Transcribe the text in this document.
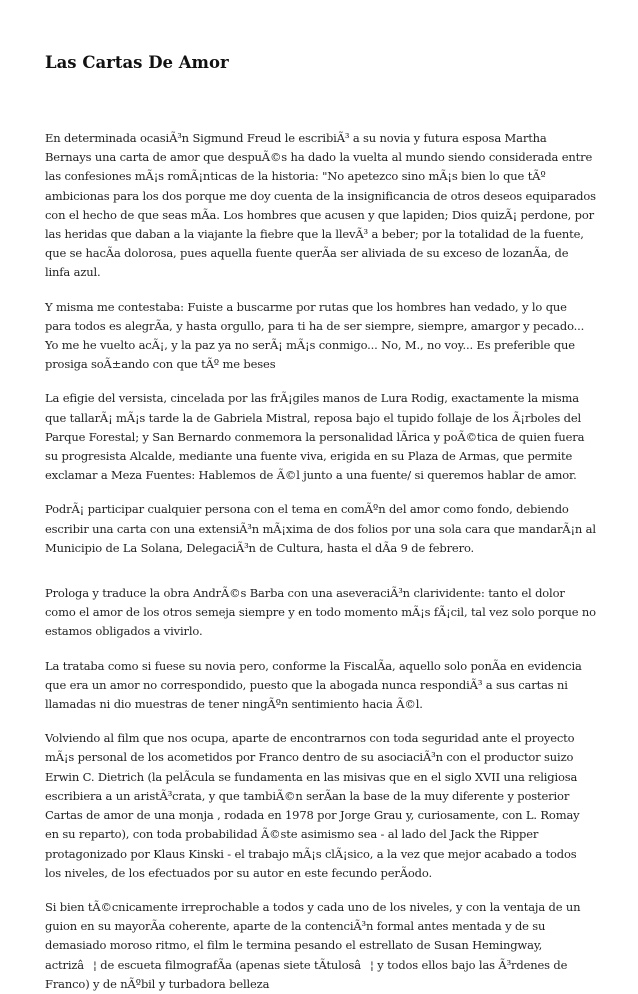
Las Cartas De Amor

En determinada ocasiÃ³n Sigmund Freud le escribiÃ³ a su novia y futura esposa Martha Bernays una carta de amor que despuÃ©s ha dado la vuelta al mundo siendo considerada entre las confesiones mÃ¡s romÃ¡nticas de la historia: "No apetezco sino mÃ¡s bien lo que tÃº ambicionas para los dos porque me doy cuenta de la insignificancia de otros deseos equiparados con el hecho de que seas mÃa. Los hombres que acusen y que lapiden; Dios quizÃ¡ perdone, por las heridas que daban a la viajante la fiebre que la llevÃ³ a beber; por la totalidad de la fuente, que se hacÃa dolorosa, pues aquella fuente querÃa ser aliviada de su exceso de lozanÃa, de linfa azul.

Y misma me contestaba: Fuiste a buscarme por rutas que los hombres han vedado, y lo que para todos es alegrÃa, y hasta orgullo, para ti ha de ser siempre, siempre, amargor y pecado... Yo me he vuelto acÃ¡, y la paz ya no serÃ¡ mÃ¡s conmigo... No, M., no voy... Es preferible que prosiga soÃ±ando con que tÃº me beses

La efigie del versista, cincelada por las frÃ¡giles manos de Lura Rodig, exactamente la misma que tallarÃ¡ mÃ¡s tarde la de Gabriela Mistral, reposa bajo el tupido follaje de los Ã¡rboles del Parque Forestal; y San Bernardo conmemora la personalidad lÃrica y poÃ©tica de quien fuera su progresista Alcalde, mediante una fuente viva, erigida en su Plaza de Armas, que permite exclamar a Meza Fuentes: Hablemos de Ã©l junto a una fuente/ si queremos hablar de amor.

PodrÃ¡ participar cualquier persona con el tema en comÃºn del amor como fondo, debiendo escribir una carta con una extensiÃ³n mÃ¡xima de dos folios por una sola cara que mandarÃ¡n al Municipio de La Solana, DelegaciÃ³n de Cultura, hasta el dÃa 9 de febrero.

Prologa y traduce la obra AndrÃ©s Barba con una aseveraciÃ³n clarividente: tanto el dolor como el amor de los otros semeja siempre y en todo momento mÃ¡s fÃ¡cil, tal vez solo porque no estamos obligados a vivirlo.

La trataba como si fuese su novia pero, conforme la FiscalÃa, aquello solo ponÃa en evidencia que era un amor no correspondido, puesto que la abogada nunca respondiÃ³ a sus cartas ni llamadas ni dio muestras de tener ningÃºn sentimiento hacia Ã©l.

Volviendo al film que nos ocupa, aparte de encontrarnos con toda seguridad ante el proyecto mÃ¡s personal de los acometidos por Franco dentro de su asociaciÃ³n con el productor suizo Erwin C. Dietrich (la pelÃcula se fundamenta en las misivas que en el siglo XVII una religiosa escribiera a un aristÃ³crata, y que tambiÃ©n serÃan la base de la muy diferente y posterior Cartas de amor de una monja , rodada en 1978 por Jorge Grau y, curiosamente, con L. Romay en su reparto), con toda probabilidad Ã©ste asimismo sea - al lado del Jack the Ripper protagonizado por Klaus Kinski - el trabajo mÃ¡s clÃ¡sico, a la vez que mejor acabado a todos los niveles, de los efectuados por su autor en este fecundo perÃodo.

Si bien tÃ©cnicamente irreprochable a todos y cada uno de los niveles, y con la ventaja de un guion en su mayorÃa coherente, aparte de la contenciÃ³n formal antes mentada y de su demasiado moroso ritmo, el film le termina pesando el estrellato de Susan Hemingway, actrizâ¦ de escueta filmografÃa (apenas siete tÃtulosâ¦ y todos ellos bajo las Ã³rdenes de Franco) y de nÃºbil y turbadora belleza
